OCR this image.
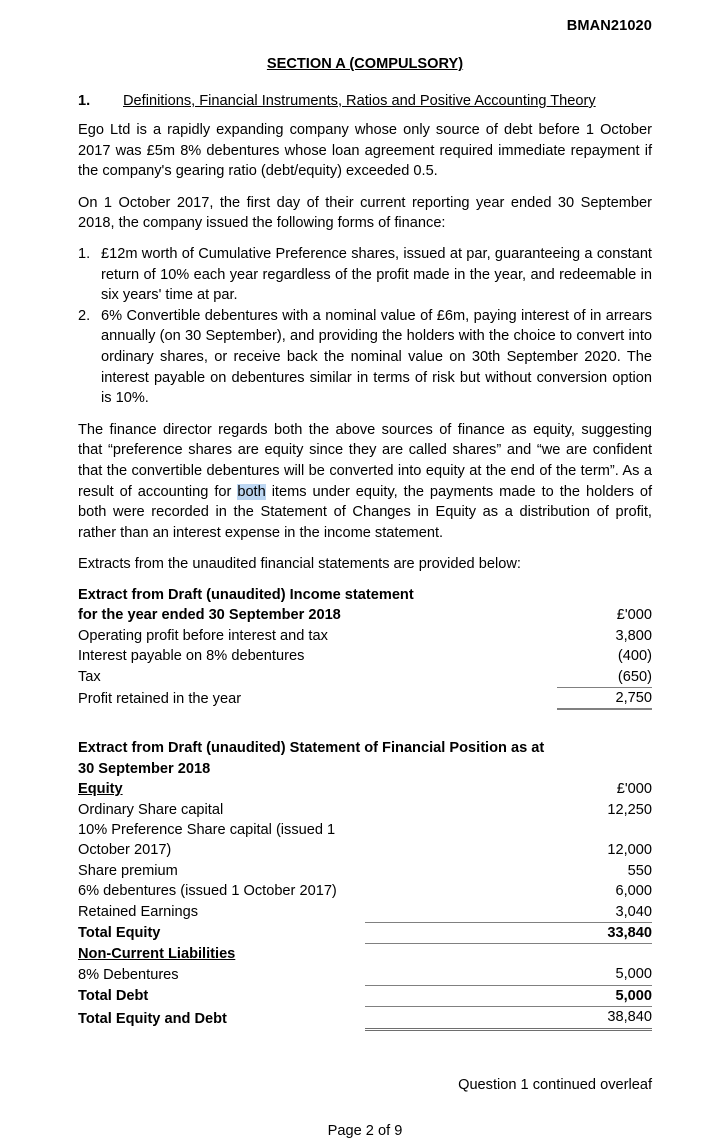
BMAN21020
SECTION A (COMPULSORY)
1.	Definitions, Financial Instruments, Ratios and Positive Accounting Theory

Ego Ltd is a rapidly expanding company whose only source of debt before 1 October 2017 was £5m 8% debentures whose loan agreement required immediate repayment if the company's gearing ratio (debt/equity) exceeded 0.5.

On 1 October 2017, the first day of their current reporting year ended 30 September 2018, the company issued the following forms of finance:

1. £12m worth of Cumulative Preference shares, issued at par, guaranteeing a constant return of 10% each year regardless of the profit made in the year, and redeemable in six years' time at par.
2. 6% Convertible debentures with a nominal value of £6m, paying interest of in arrears annually (on 30 September), and providing the holders with the choice to convert into ordinary shares, or receive back the nominal value on 30th September 2020. The interest payable on debentures similar in terms of risk but without conversion option is 10%.

The finance director regards both the above sources of finance as equity, suggesting that “preference shares are equity since they are called shares” and “we are confident that the convertible debentures will be converted into equity at the end of the term”. As a result of accounting for both items under equity, the payments made to the holders of both were recorded in the Statement of Changes in Equity as a distribution of profit, rather than an interest expense in the income statement.

Extracts from the unaudited financial statements are provided below:

Extract from Draft (unaudited) Income statement
for the year ended 30 September 2018	£'000
Operating profit before interest and tax	3,800
Interest payable on 8% debentures	(400)
Tax	(650)
Profit retained in the year	2,750
Extract from Draft (unaudited) Statement of Financial Position as at
30 September 2018	

Equity	£'000
Ordinary Share capital	12,250
10% Preference Share capital (issued 1 October 2017)	12,000
Share premium	550
6% debentures (issued 1 October 2017)	6,000
Retained Earnings	3,040
Total Equity	33,840
Non-Current Liabilities	
8% Debentures	5,000
Total Debt	5,000
Total Equity and Debt	38,840
Question 1 continued overleaf
Page 2 of 9
